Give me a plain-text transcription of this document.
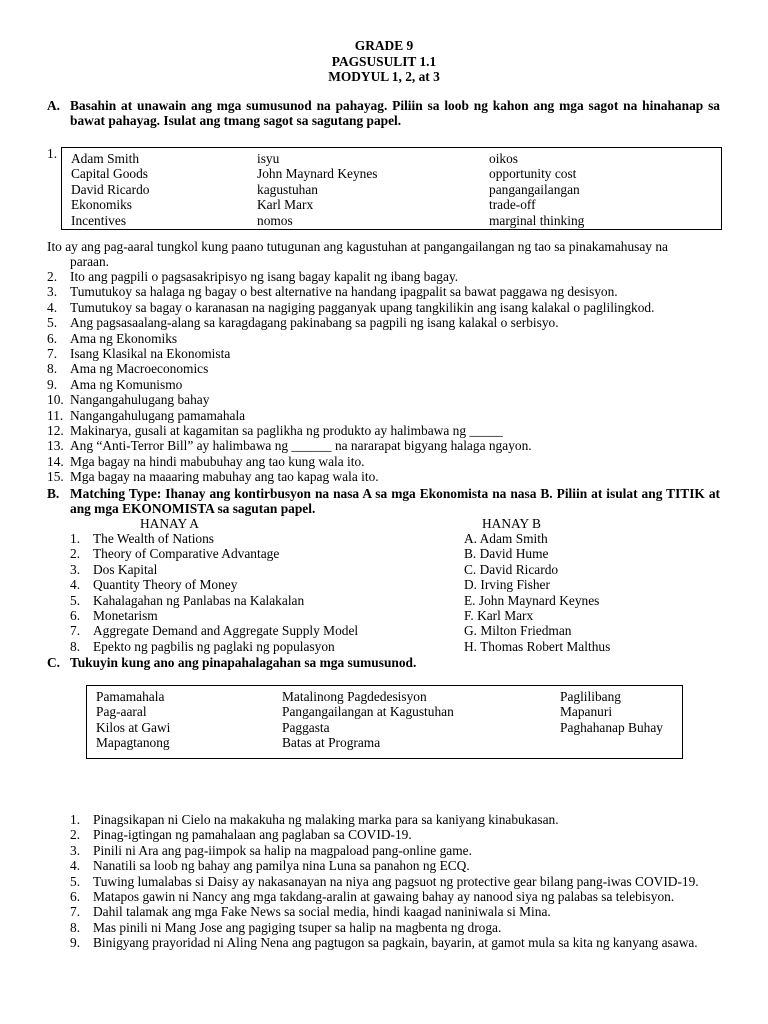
GRADE 9
PAGSUSULIT 1.1
MODYUL 1, 2, at 3
A. Basahin at unawain ang mga sumusunod na pahayag. Piliin sa loob ng kahon ang mga sagot na hinahanap sa bawat pahayag. Isulat ang tmang sagot sa sagutang papel.
1. Adam Smith
Capital Goods
David Ricardo
Ekonomiks
Incentives
isyu
John Maynard Keynes
kagustuhan
Karl Marx
nomos
oikos
opportunity cost
pangangailangan
trade-off
marginal thinking
Ito ay ang pag-aaral tungkol kung paano tutugunan ang kagustuhan at pangangailangan ng tao sa pinakamahusay na
paraan.
2. Ito ang pagpili o pagsasakripisyo ng isang bagay kapalit ng ibang bagay.
3. Tumutukoy sa halaga ng bagay o best alternative na handang ipagpalit sa bawat paggawa ng desisyon.
4. Tumutukoy sa bagay o karanasan na nagiging pagganyak upang tangkilikin ang isang kalakal o paglilingkod.
5. Ang pagsasaalang-alang sa karagdagang pakinabang sa pagpili ng isang kalakal o serbisyo.
6. Ama ng Ekonomiks
7. Isang Klasikal na Ekonomista
8. Ama ng Macroeconomics
9. Ama ng Komunismo
10. Nangangahulugang bahay
11. Nangangahulugang pamamahala
12. Makinarya, gusali at kagamitan sa paglikha ng produkto ay halimbawa ng _____
13. Ang “Anti-Terror Bill” ay halimbawa ng ______ na nararapat bigyang halaga ngayon.
14. Mga bagay na hindi mabubuhay ang tao kung wala ito.
15. Mga bagay na maaaring mabuhay ang tao kapag wala ito.
B. Matching Type: Ihanay ang kontirbusyon na nasa A sa mga Ekonomista na nasa B. Piliin at isulat ang TITIK at ang mga EKONOMISTA sa sagutan papel.
HANAY A	HANAY B
1. The Wealth of Nations
2. Theory of Comparative Advantage
3. Dos Kapital
4. Quantity Theory of Money
5. Kahalagahan ng Panlabas na Kalakalan
6. Monetarism
7. Aggregate Demand and Aggregate Supply Model
8. Epekto ng pagbilis ng paglaki ng populasyon
A. Adam Smith
B. David Hume
C. David Ricardo
D. Irving Fisher
E. John Maynard Keynes
F. Karl Marx
G. Milton Friedman
H. Thomas Robert Malthus
C. Tukuyin kung ano ang pinapahalagahan sa mga sumusunod.
Pamamahala
Pag-aaral
Kilos at Gawi
Mapagtanong
Matalinong Pagdedesisyon
Pangangailangan at Kagustuhan
Paggasta
Batas at Programa
Paglilibang
Mapanuri
Paghahanap Buhay
1. Pinagsikapan ni Cielo na makakuha ng malaking marka para sa kaniyang kinabukasan.
2. Pinag-igtingan ng pamahalaan ang paglaban sa COVID-19.
3. Pinili ni Ara ang pag-iimpok sa halip na magpaload pang-online game.
4. Nanatili sa loob ng bahay ang pamilya nina Luna sa panahon ng ECQ.
5. Tuwing lumalabas si Daisy ay nakasanayan na niya ang pagsuot ng protective gear bilang pang-iwas COVID-19.
6. Matapos gawin ni Nancy ang mga takdang-aralin at gawaing bahay ay nanood siya ng palabas sa telebisyon.
7. Dahil talamak ang mga Fake News sa social media, hindi kaagad naniniwala si Mina.
8. Mas pinili ni Mang Jose ang pagiging tsuper sa halip na magbenta ng droga.
9. Binigyang prayoridad ni Aling Nena ang pagtugon sa pagkain, bayarin, at gamot mula sa kita ng kanyang asawa.
